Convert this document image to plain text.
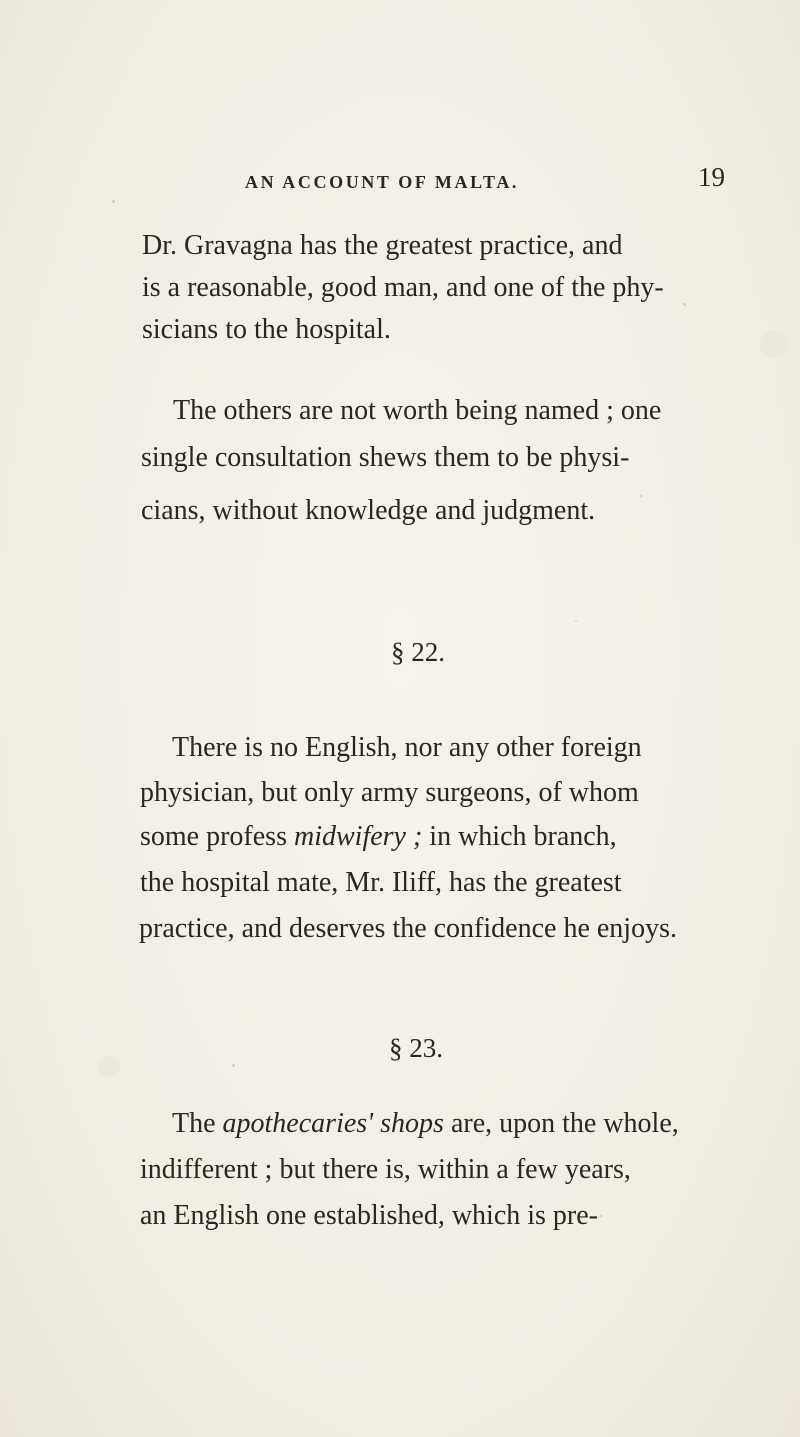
AN ACCOUNT OF MALTA.	19
Dr. Gravagna has the greatest practice, and
is a reasonable, good man, and one of the phy-
sicians to the hospital.
The others are not worth being named ; one
single consultation shews them to be physi-
cians, without knowledge and judgment.
§ 22.
There is no English, nor any other foreign
physician, but only army surgeons, of whom
some profess midwifery ; in which branch,
the hospital mate, Mr. Iliff, has the greatest
practice, and deserves the confidence he enjoys.
§ 23.
The apothecaries' shops are, upon the whole,
indifferent ; but there is, within a few years,
an English one established, which is pre-
